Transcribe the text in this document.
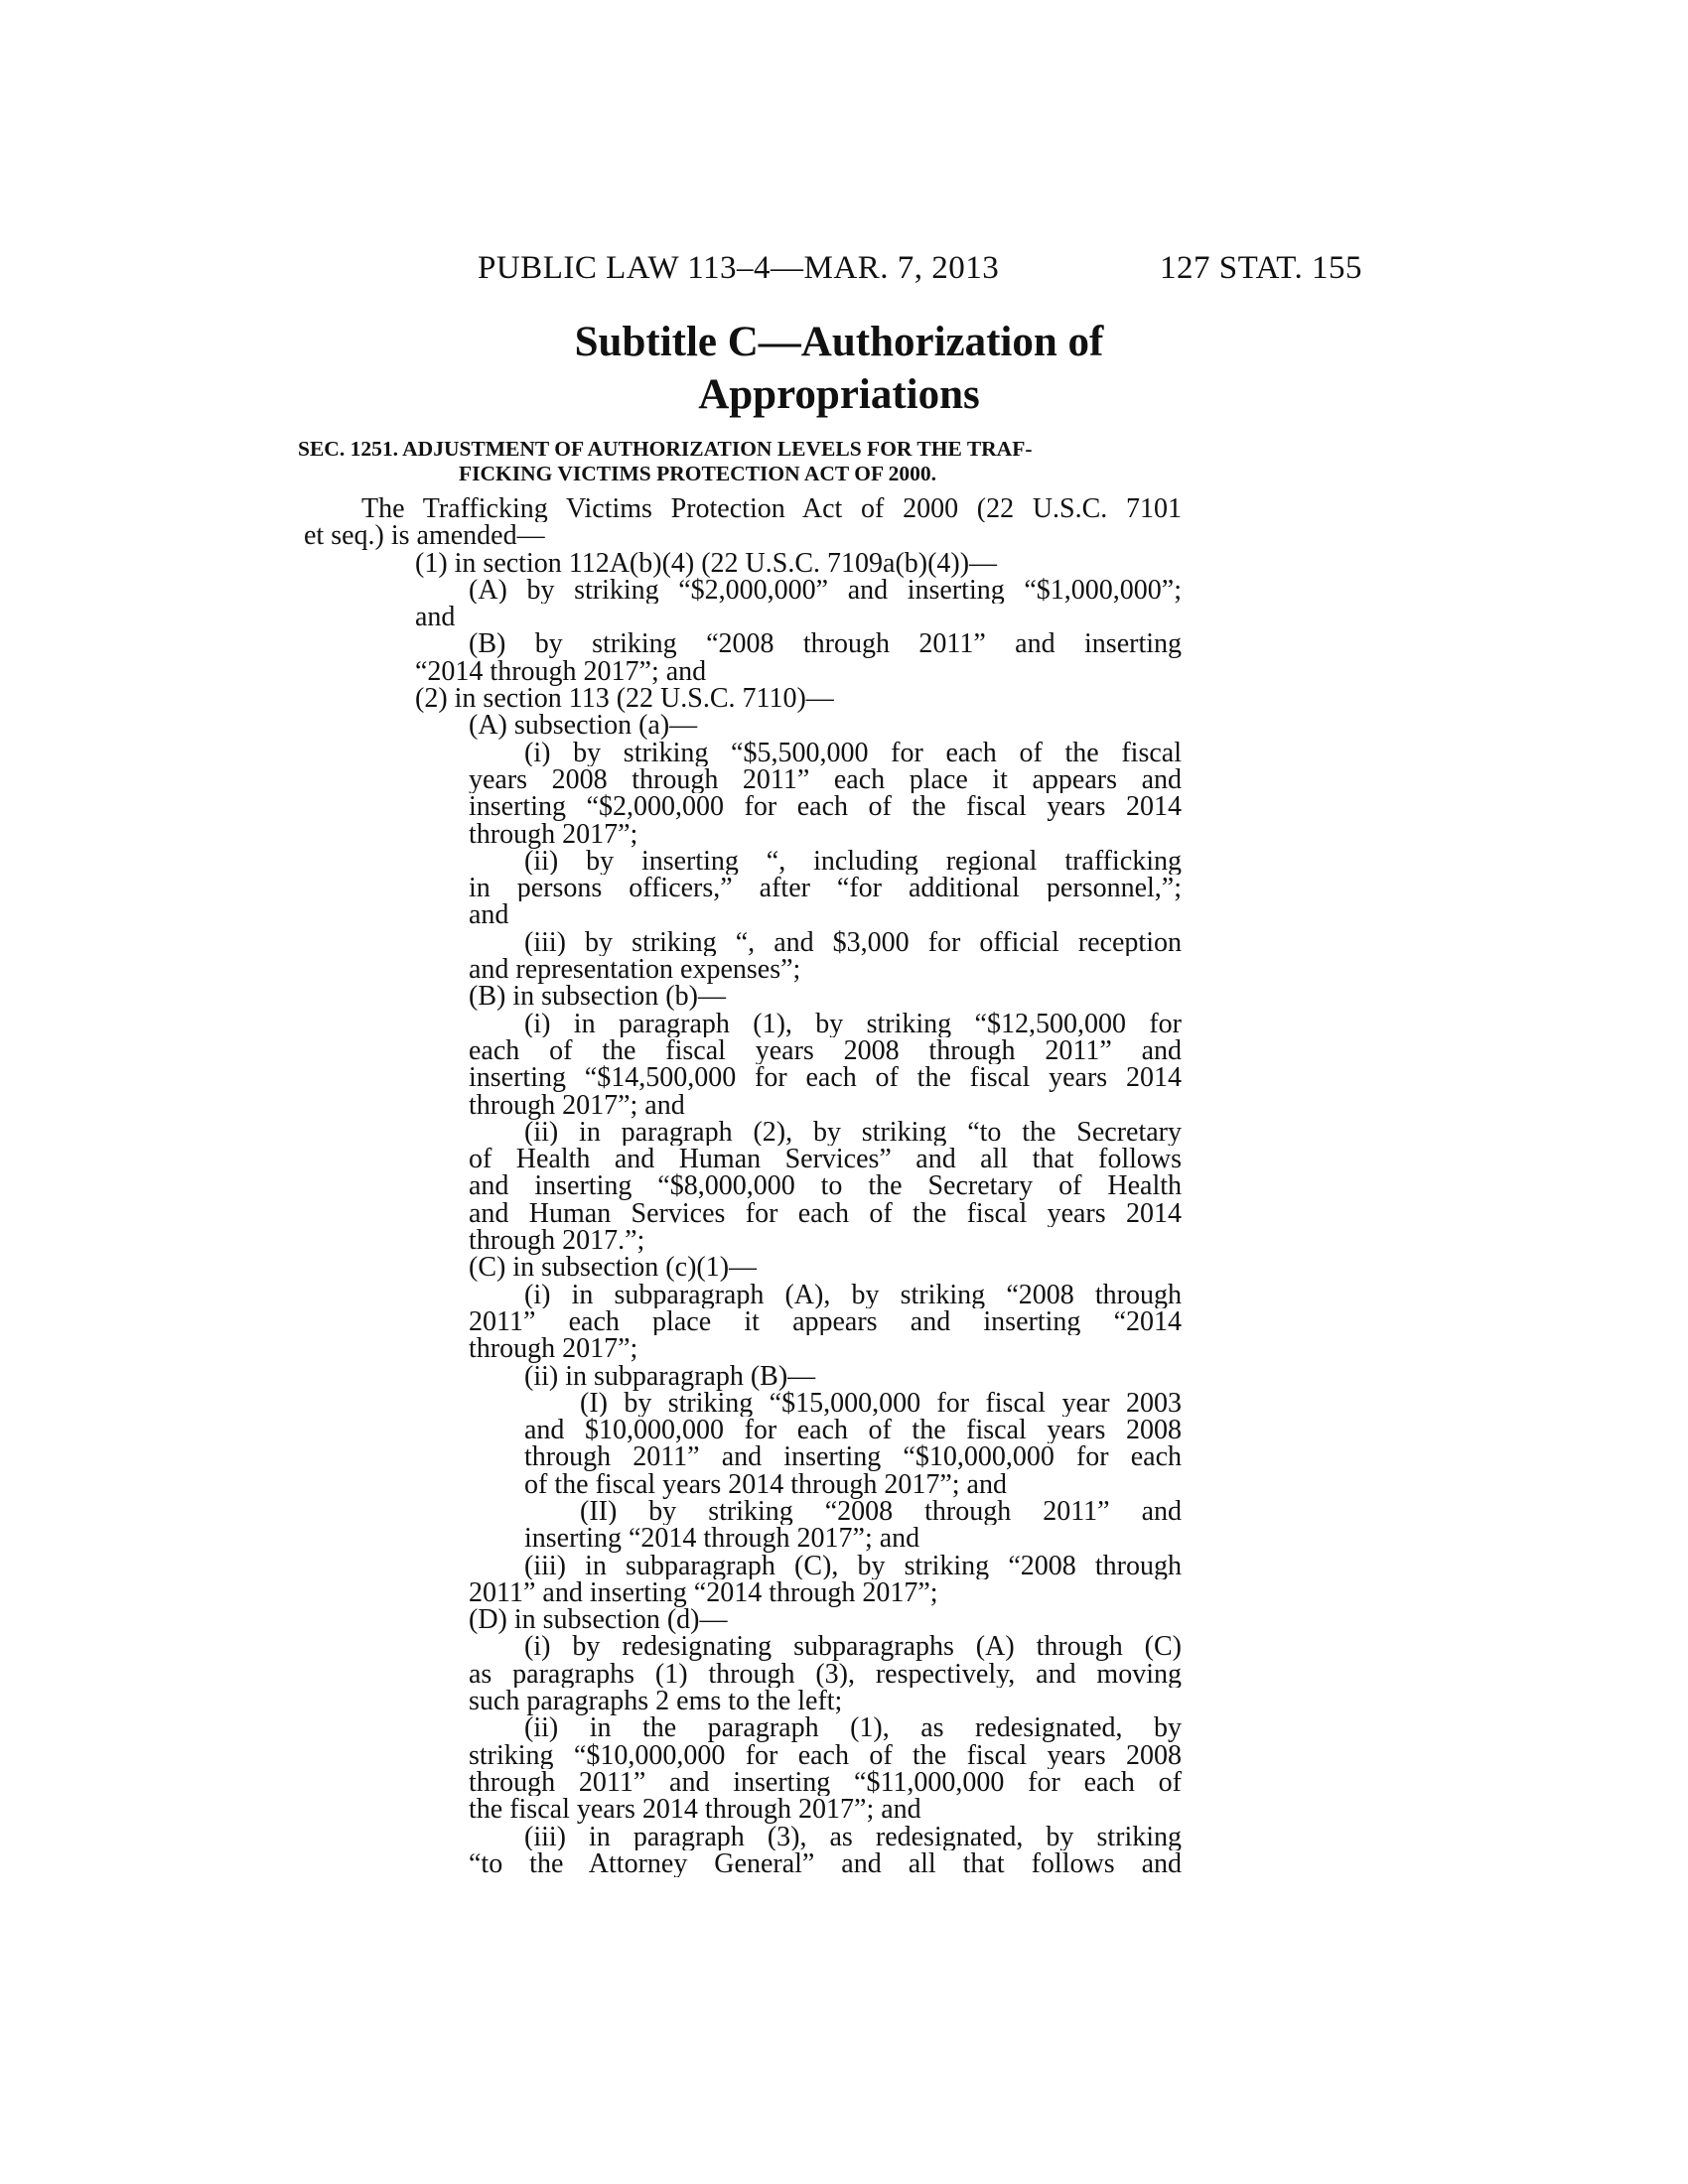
PUBLIC LAW 113–4—MAR. 7, 2013	127 STAT. 155
Subtitle C—Authorization of
Appropriations
SEC. 1251. ADJUSTMENT OF AUTHORIZATION LEVELS FOR THE TRAF-
FICKING VICTIMS PROTECTION ACT OF 2000.
The Trafficking Victims Protection Act of 2000 (22 U.S.C. 7101
et seq.) is amended—
(1) in section 112A(b)(4) (22 U.S.C. 7109a(b)(4))—
(A) by striking “$2,000,000” and inserting “$1,000,000”;
and
(B) by striking “2008 through 2011” and inserting
“2014 through 2017”; and
(2) in section 113 (22 U.S.C. 7110)—
(A) subsection (a)—
(i) by striking “$5,500,000 for each of the fiscal
years 2008 through 2011” each place it appears and
inserting “$2,000,000 for each of the fiscal years 2014
through 2017”;
(ii) by inserting “, including regional trafficking
in persons officers,” after “for additional personnel,”;
and
(iii) by striking “, and $3,000 for official reception
and representation expenses”;
(B) in subsection (b)—
(i) in paragraph (1), by striking “$12,500,000 for
each of the fiscal years 2008 through 2011” and
inserting “$14,500,000 for each of the fiscal years 2014
through 2017”; and
(ii) in paragraph (2), by striking “to the Secretary
of Health and Human Services” and all that follows
and inserting “$8,000,000 to the Secretary of Health
and Human Services for each of the fiscal years 2014
through 2017.”;
(C) in subsection (c)(1)—
(i) in subparagraph (A), by striking “2008 through
2011” each place it appears and inserting “2014
through 2017”;
(ii) in subparagraph (B)—
(I) by striking “$15,000,000 for fiscal year 2003
and $10,000,000 for each of the fiscal years 2008
through 2011” and inserting “$10,000,000 for each
of the fiscal years 2014 through 2017”; and
(II) by striking “2008 through 2011” and
inserting “2014 through 2017”; and
(iii) in subparagraph (C), by striking “2008 through
2011” and inserting “2014 through 2017”;
(D) in subsection (d)—
(i) by redesignating subparagraphs (A) through (C)
as paragraphs (1) through (3), respectively, and moving
such paragraphs 2 ems to the left;
(ii) in the paragraph (1), as redesignated, by
striking “$10,000,000 for each of the fiscal years 2008
through 2011” and inserting “$11,000,000 for each of
the fiscal years 2014 through 2017”; and
(iii) in paragraph (3), as redesignated, by striking
“to the Attorney General” and all that follows and
